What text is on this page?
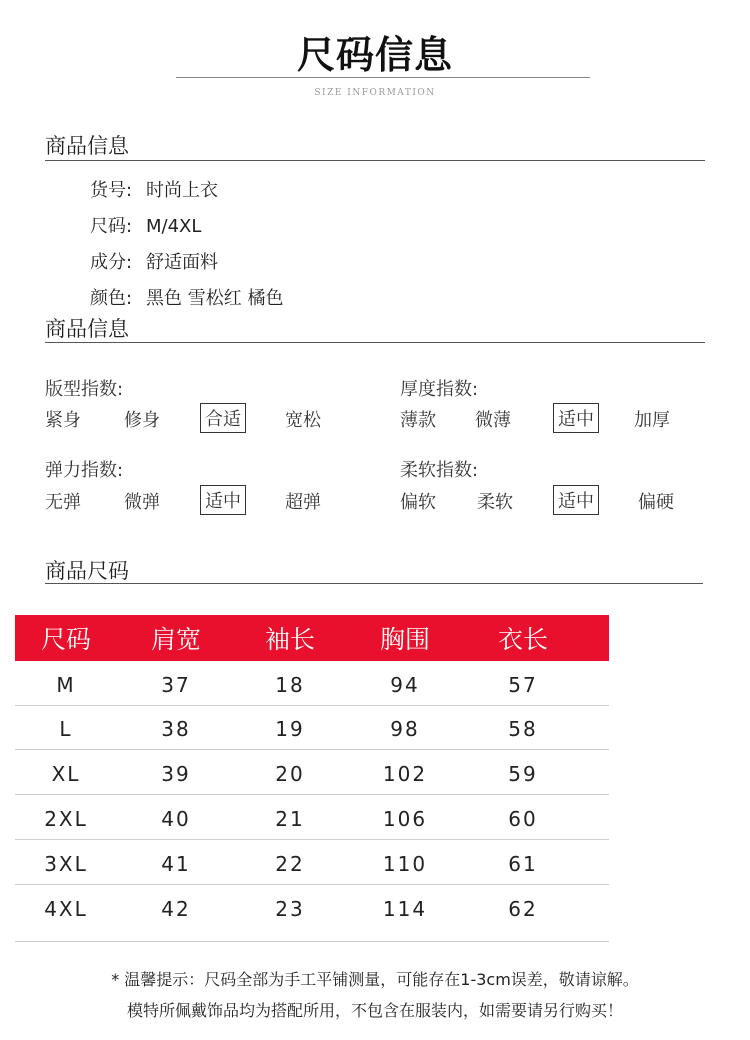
尺码信息
SIZE INFORMATION
商品信息
货号: 时尚上衣
尺码: M/4XL
成分: 舒适面料
颜色: 黑色 雪松红 橘色
商品信息
版型指数:
紧身 修身	合适 宽松
厚度指数:
薄款 微薄	适中 加厚
弹力指数:
无弹 微弹	适中 超弹
柔软指数:
偏软 柔软	适中 偏硬
商品尺码
尺码	肩宽	袖长	胸围	衣长
M	37	18	94	57
L	38	19	98	58
XL	39	20	102	59
2XL	40	21	106	60
3XL	41	22	110	61
4XL	42	23	114	62
* 温馨提示：尺码全部为手工平铺测量，可能存在1-3cm误差，敬请谅解。
模特所佩戴饰品均为搭配所用，不包含在服装内，如需要请另行购买！
